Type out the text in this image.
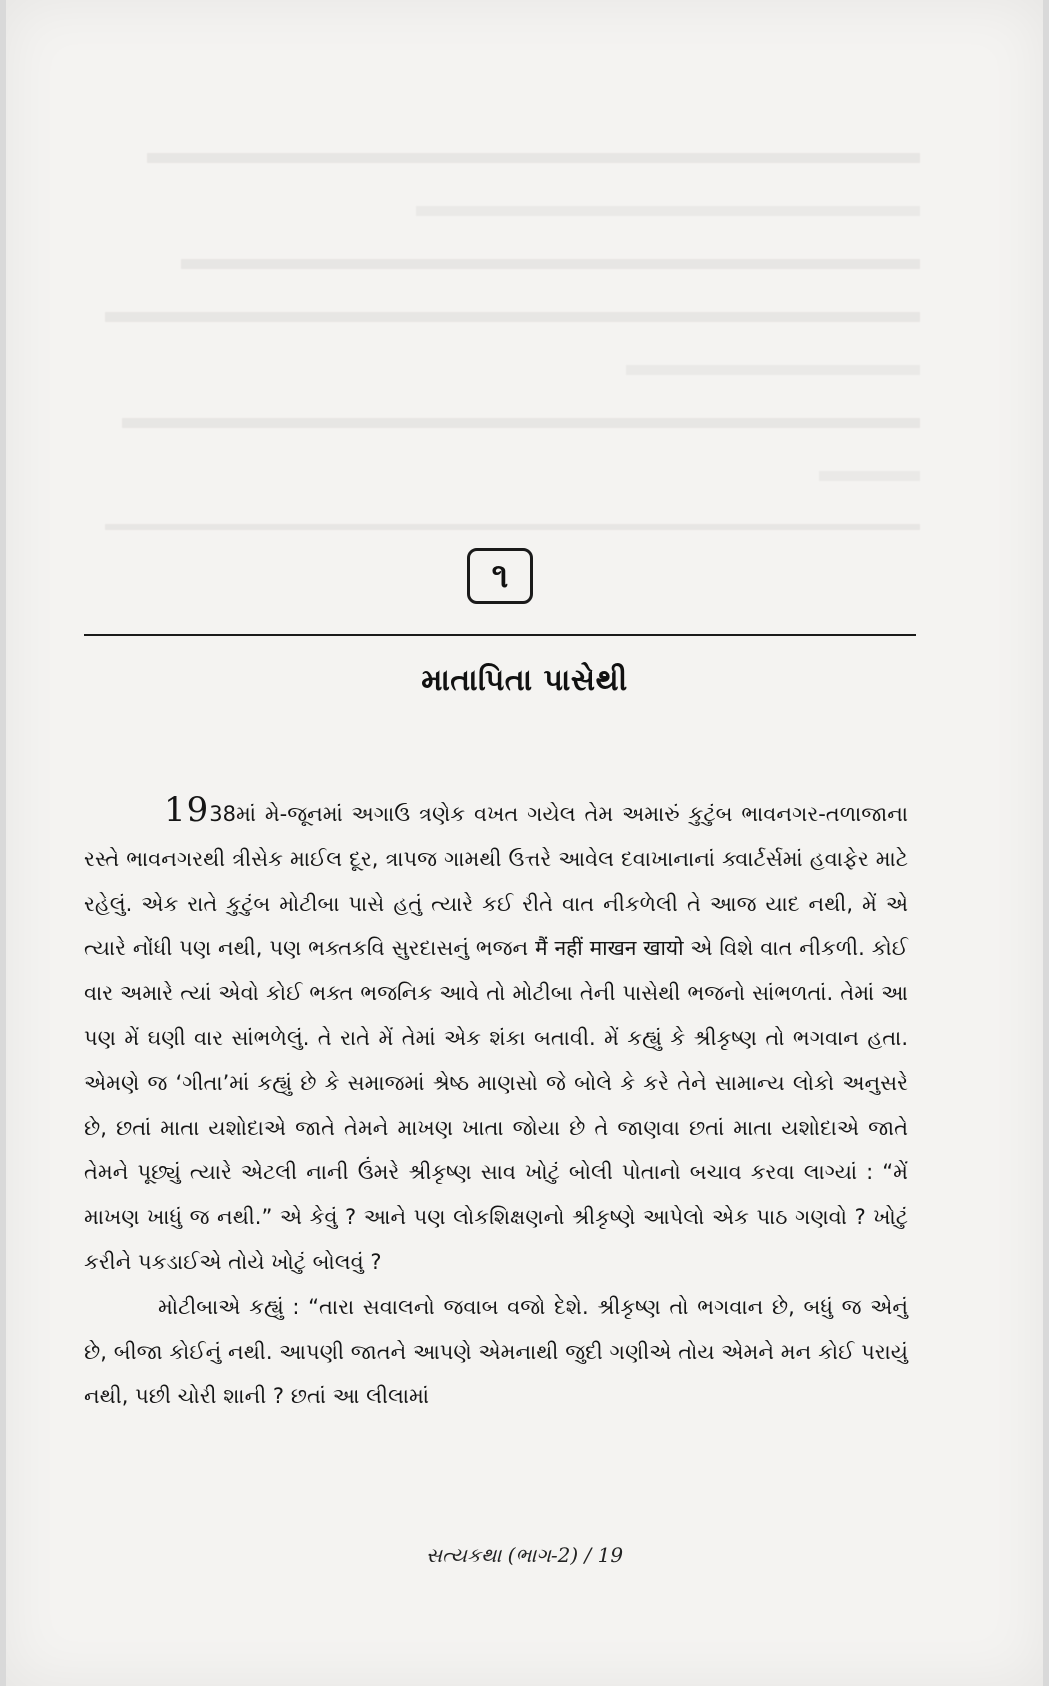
૧
માતાપિતા પાસેથી

1938માં મે-જૂનમાં અગાઉ ત્રણેક વખત ગયેલ તેમ અમારું કુટુંબ ભાવનગર-તળાજાના રસ્તે ભાવનગરથી ત્રીસેક માઈલ દૂર, ત્રાપજ ગામથી ઉત્તરે આવેલ દવાખાનાનાં ક્વાર્ટર્સમાં હવાફેર માટે રહેલું. એક રાતે કુટુંબ મોટીબા પાસે હતું ત્યારે કઈ રીતે વાત નીકળેલી તે આજ યાદ નથી, મેં એ ત્યારે નોંધી પણ નથી, પણ ભક્તકવિ સુરદાસનું ભજન मैं नहीं माखन खायो એ વિશે વાત નીકળી. કોઈ વાર અમારે ત્યાં એવો કોઈ ભક્ત ભજનિક આવે તો મોટીબા તેની પાસેથી ભજનો સાંભળતાં. તેમાં આ પણ મેં ઘણી વાર સાંભળેલું. તે રાતે મેં તેમાં એક શંકા બતાવી. મેં કહ્યું કે શ્રીકૃષ્ણ તો ભગવાન હતા. એમણે જ ‘ગીતા’માં કહ્યું છે કે સમાજમાં શ્રેષ્ઠ માણસો જે બોલે કે કરે તેને સામાન્ય લોકો અનુસરે છે, છતાં માતા યશોદાએ જાતે તેમને માખણ ખાતા જોયા છે તે જાણવા છતાં માતા યશોદાએ જાતે તેમને પૂછ્યું ત્યારે એટલી નાની ઉંમરે શ્રીકૃષ્ણ સાવ ખોટું બોલી પોતાનો બચાવ કરવા લાગ્યાં : “મેં માખણ ખાધું જ નથી.” એ કેવું ? આને પણ લોકશિક્ષણનો શ્રીકૃષ્ણે આપેલો એક પાઠ ગણવો ? ખોટું કરીને પકડાઈએ તોયે ખોટું બોલવું ?

મોટીબાએ કહ્યું : “તારા સવાલનો જવાબ વજો દેશે. શ્રીકૃષ્ણ તો ભગવાન છે, બધું જ એનું છે, બીજા કોઈનું નથી. આપણી જાતને આપણે એમનાથી જુદી ગણીએ તોય એમને મન કોઈ પરાયું નથી, પછી ચોરી શાની ? છતાં આ લીલામાં

સત્યકથા (ભાગ-2) / 19
